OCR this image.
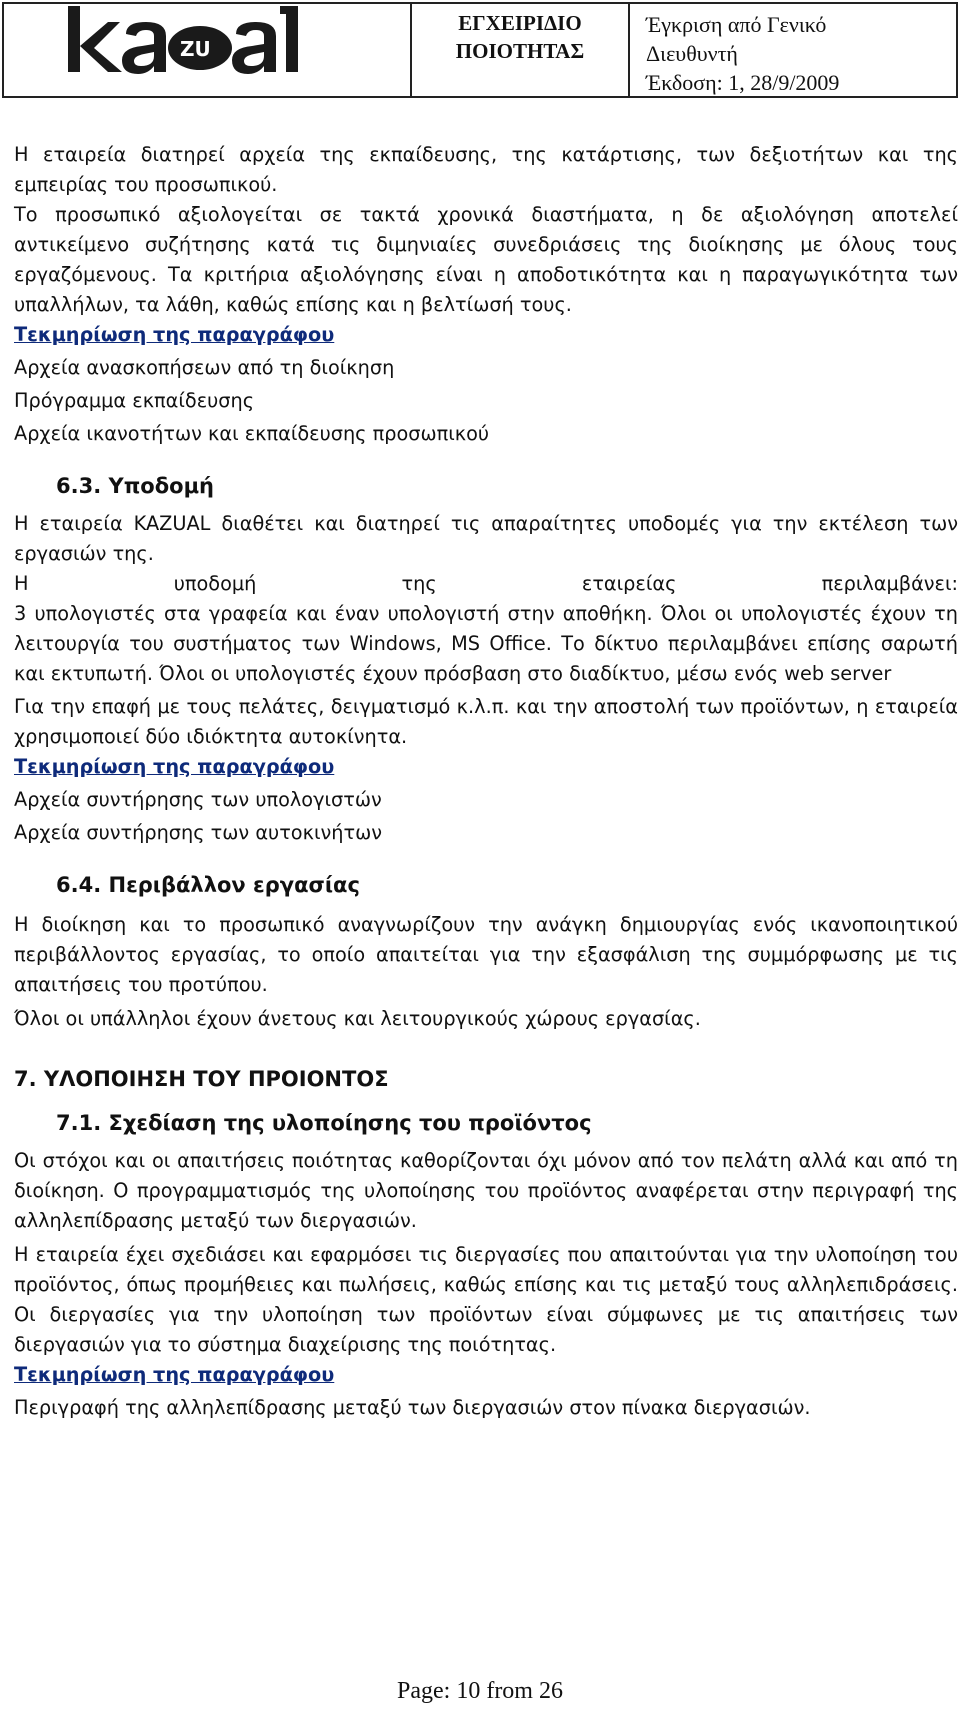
ZU
ΕΓΧΕΙΡΙΔΙΟ
ΠΟΙΟΤΗΤΑΣ
Έγκριση από Γενικό
Διευθυντή
Έκδοση: 1, 28/9/2009

Η εταιρεία διατηρεί αρχεία της εκπαίδευσης, της κατάρτισης, των δεξιοτήτων και της εμπειρίας του προσωπικού.

Το προσωπικό αξιολογείται σε τακτά χρονικά διαστήματα, η δε αξιολόγηση αποτελεί αντικείμενο συζήτησης κατά τις διμηνιαίες συνεδριάσεις της διοίκησης με όλους τους εργαζόμενους. Τα κριτήρια αξιολόγησης είναι η αποδοτικότητα και η παραγωγικότητα των υπαλλήλων, τα λάθη, καθώς επίσης και η βελτίωσή τους.

Τεκμηρίωση της παραγράφου

Αρχεία ανασκοπήσεων από τη διοίκηση

Πρόγραμμα εκπαίδευσης

Αρχεία ικανοτήτων και εκπαίδευσης προσωπικού

6.3. Υποδομή

Η εταιρεία KAZUAL διαθέτει και διατηρεί τις απαραίτητες υποδομές για την εκτέλεση των εργασιών της.

Η υποδομή της εταιρείας περιλαμβάνει:

3 υπολογιστές στα γραφεία και έναν υπολογιστή στην αποθήκη. Όλοι οι υπολογιστές έχουν τη λειτουργία του συστήματος των Windows, MS Office. Το δίκτυο περιλαμβάνει επίσης σαρωτή και εκτυπωτή. Όλοι οι υπολογιστές έχουν πρόσβαση στο διαδίκτυο, μέσω ενός web server

Για την επαφή με τους πελάτες, δειγματισμό κ.λ.π. και την αποστολή των προϊόντων, η εταιρεία χρησιμοποιεί δύο ιδιόκτητα αυτοκίνητα.

Τεκμηρίωση της παραγράφου

Αρχεία συντήρησης των υπολογιστών

Αρχεία συντήρησης των αυτοκινήτων

6.4. Περιβάλλον εργασίας

Η διοίκηση και το προσωπικό αναγνωρίζουν την ανάγκη δημιουργίας ενός ικανοποιητικού περιβάλλοντος εργασίας, το οποίο απαιτείται για την εξασφάλιση της συμμόρφωσης με τις απαιτήσεις του προτύπου.

Όλοι οι υπάλληλοι έχουν άνετους και λειτουργικούς χώρους εργασίας.

7. ΥΛΟΠΟΙΗΣΗ ΤΟΥ ΠΡΟΙΟΝΤΟΣ
7.1. Σχεδίαση της υλοποίησης του προϊόντος

Οι στόχοι και οι απαιτήσεις ποιότητας καθορίζονται όχι μόνον από τον πελάτη αλλά και από τη διοίκηση. Ο προγραμματισμός της υλοποίησης του προϊόντος αναφέρεται στην περιγραφή της αλληλεπίδρασης μεταξύ των διεργασιών.

Η εταιρεία έχει σχεδιάσει και εφαρμόσει τις διεργασίες που απαιτούνται για την υλοποίηση του προϊόντος, όπως προμήθειες και πωλήσεις, καθώς επίσης και τις μεταξύ τους αλληλεπιδράσεις. Οι διεργασίες για την υλοποίηση των προϊόντων είναι σύμφωνες με τις απαιτήσεις των διεργασιών για το σύστημα διαχείρισης της ποιότητας.

Τεκμηρίωση της παραγράφου

Περιγραφή της αλληλεπίδρασης μεταξύ των διεργασιών στον πίνακα διεργασιών.

Page: 10 from 26
